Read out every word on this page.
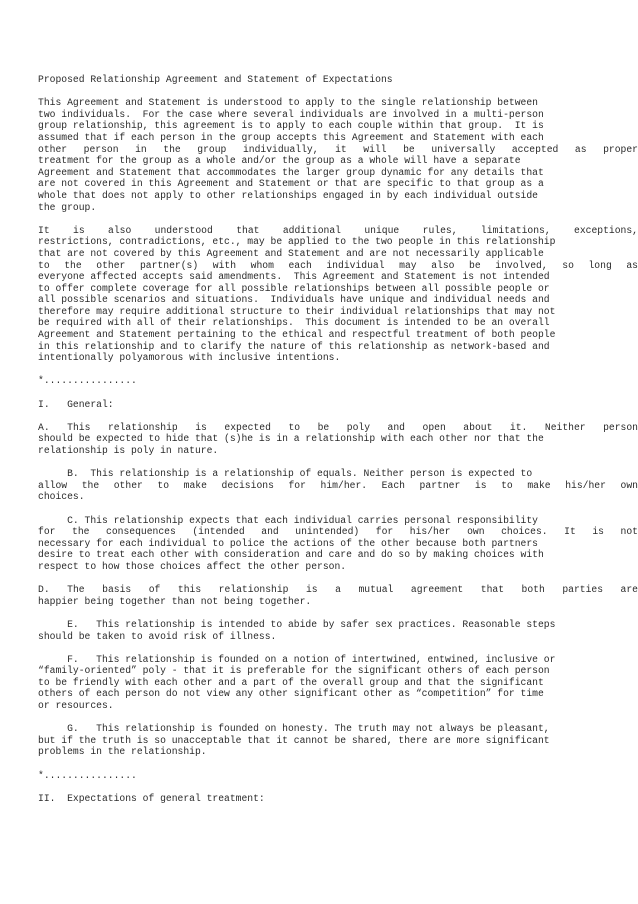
Proposed Relationship Agreement and Statement of Expectations
This Agreement and Statement is understood to apply to the single relationship between
two individuals.  For the case where several individuals are involved in a multi-person
group relationship, this agreement is to apply to each couple within that group.  It is
assumed that if each person in the group accepts this Agreement and Statement with each
other person in the group individually, it will be universally accepted as proper
treatment for the group as a whole and/or the group as a whole will have a separate
Agreement and Statement that accommodates the larger group dynamic for any details that
are not covered in this Agreement and Statement or that are specific to that group as a
whole that does not apply to other relationships engaged in by each individual outside
the group.
It is also understood that additional unique rules, limitations, exceptions,
restrictions, contradictions, etc., may be applied to the two people in this relationship
that are not covered by this Agreement and Statement and are not necessarily applicable
to the other partner(s) with whom each individual may also be involved, so long as
everyone affected accepts said amendments.  This Agreement and Statement is not intended
to offer complete coverage for all possible relationships between all possible people or
all possible scenarios and situations.  Individuals have unique and individual needs and
therefore may require additional structure to their individual relationships that may not
be required with all of their relationships.  This document is intended to be an overall
Agreement and Statement pertaining to the ethical and respectful treatment of both people
in this relationship and to clarify the nature of this relationship as network-based and
intentionally polyamorous with inclusive intentions.
*................
I.   General:
A. This relationship is expected to be poly and open about it. Neither person
should be expected to hide that (s)he is in a relationship with each other nor that the
relationship is poly in nature.
B.  This relationship is a relationship of equals. Neither person is expected to
allow the other to make decisions for him/her. Each partner is to make his/her own
choices.
C. This relationship expects that each individual carries personal responsibility
for the consequences (intended and unintended) for his/her own choices. It is not
necessary for each individual to police the actions of the other because both partners
desire to treat each other with consideration and care and do so by making choices with
respect to how those choices affect the other person.
D. The basis of this relationship is a mutual agreement that both parties are
happier being together than not being together.
E.   This relationship is intended to abide by safer sex practices. Reasonable steps
should be taken to avoid risk of illness.
F.   This relationship is founded on a notion of intertwined, entwined, inclusive or
“family-oriented” poly - that it is preferable for the significant others of each person
to be friendly with each other and a part of the overall group and that the significant
others of each person do not view any other significant other as “competition” for time
or resources.
G.   This relationship is founded on honesty. The truth may not always be pleasant,
but if the truth is so unacceptable that it cannot be shared, there are more significant
problems in the relationship.
*................
II.  Expectations of general treatment:
